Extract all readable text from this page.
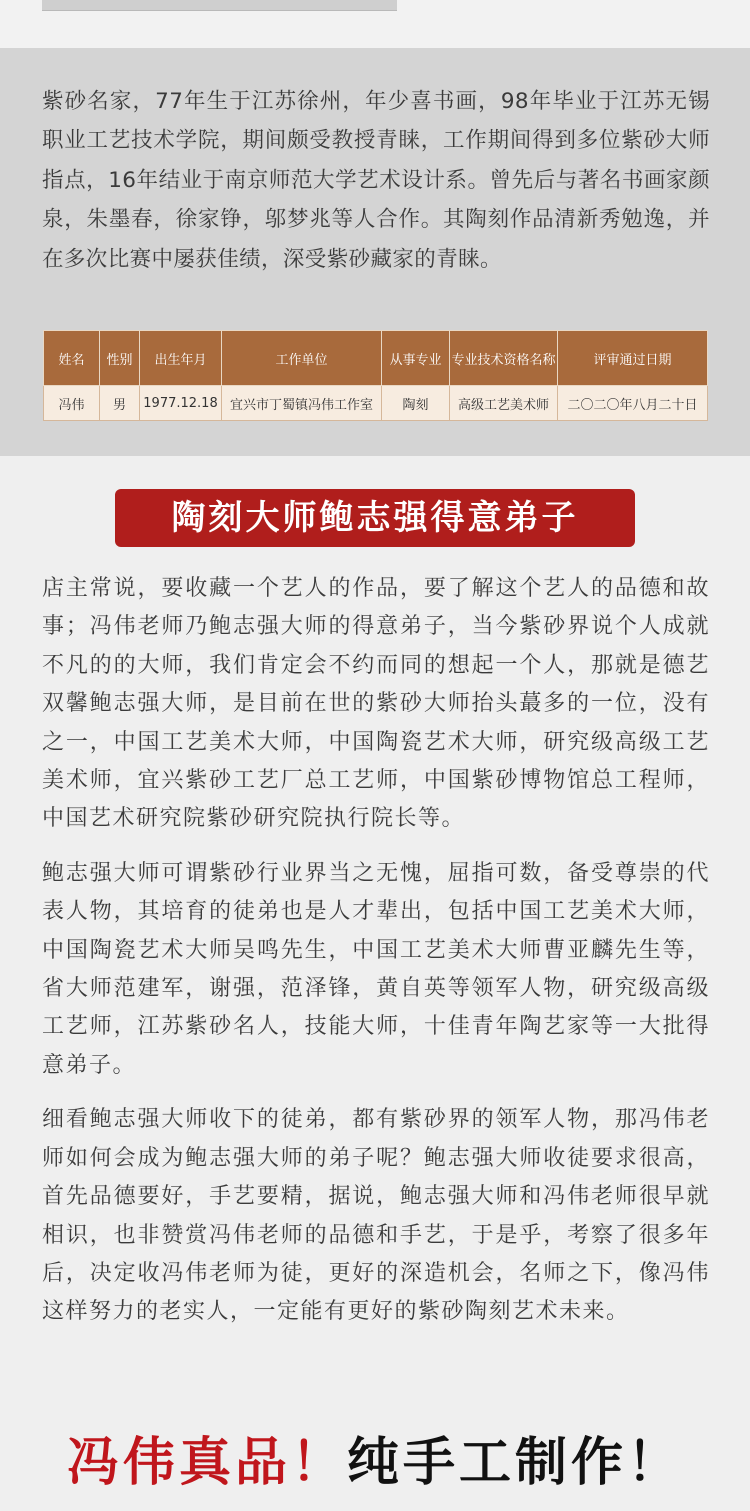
紫砂名家，77年生于江苏徐州，年少喜书画，98年毕业于江苏无锡职业工艺技术学院，期间颇受教授青睐，工作期间得到多位紫砂大师指点，16年结业于南京师范大学艺术设计系。曾先后与著名书画家颜泉，朱墨春，徐家铮，邬梦兆等人合作。其陶刻作品清新秀勉逸，并在多次比赛中屡获佳绩，深受紫砂藏家的青睐。

姓名	性别	出生年月	工作单位	从事专业	专业技术资格名称	评审通过日期
冯伟	男	1977.12.18	宜兴市丁蜀镇冯伟工作室	陶刻	高级工艺美术师	二〇二〇年八月二十日
陶刻大师鲍志强得意弟子

店主常说，要收藏一个艺人的作品，要了解这个艺人的品德和故事；冯伟老师乃鲍志强大师的得意弟子，当今紫砂界说个人成就不凡的的大师，我们肯定会不约而同的想起一个人，那就是德艺双馨鲍志强大师，是目前在世的紫砂大师抬头蕞多的一位，没有之一，中国工艺美术大师，中国陶瓷艺术大师，研究级高级工艺美术师，宜兴紫砂工艺厂总工艺师，中国紫砂博物馆总工程师，中国艺术研究院紫砂研究院执行院长等。

鲍志强大师可谓紫砂行业界当之无愧，屈指可数，备受尊崇的代表人物，其培育的徒弟也是人才辈出，包括中国工艺美术大师，中国陶瓷艺术大师吴鸣先生，中国工艺美术大师曹亚麟先生等，省大师范建军，谢强，范泽锋，黄自英等领军人物，研究级高级工艺师，江苏紫砂名人，技能大师，十佳青年陶艺家等一大批得意弟子。

细看鲍志强大师收下的徒弟，都有紫砂界的领军人物，那冯伟老师如何会成为鲍志强大师的弟子呢？鲍志强大师收徒要求很高，首先品德要好，手艺要精，据说，鲍志强大师和冯伟老师很早就相识，也非赞赏冯伟老师的品德和手艺，于是乎，考察了很多年后，决定收冯伟老师为徒，更好的深造机会，名师之下，像冯伟这样努力的老实人，一定能有更好的紫砂陶刻艺术未来。

冯伟真品！纯手工制作！
